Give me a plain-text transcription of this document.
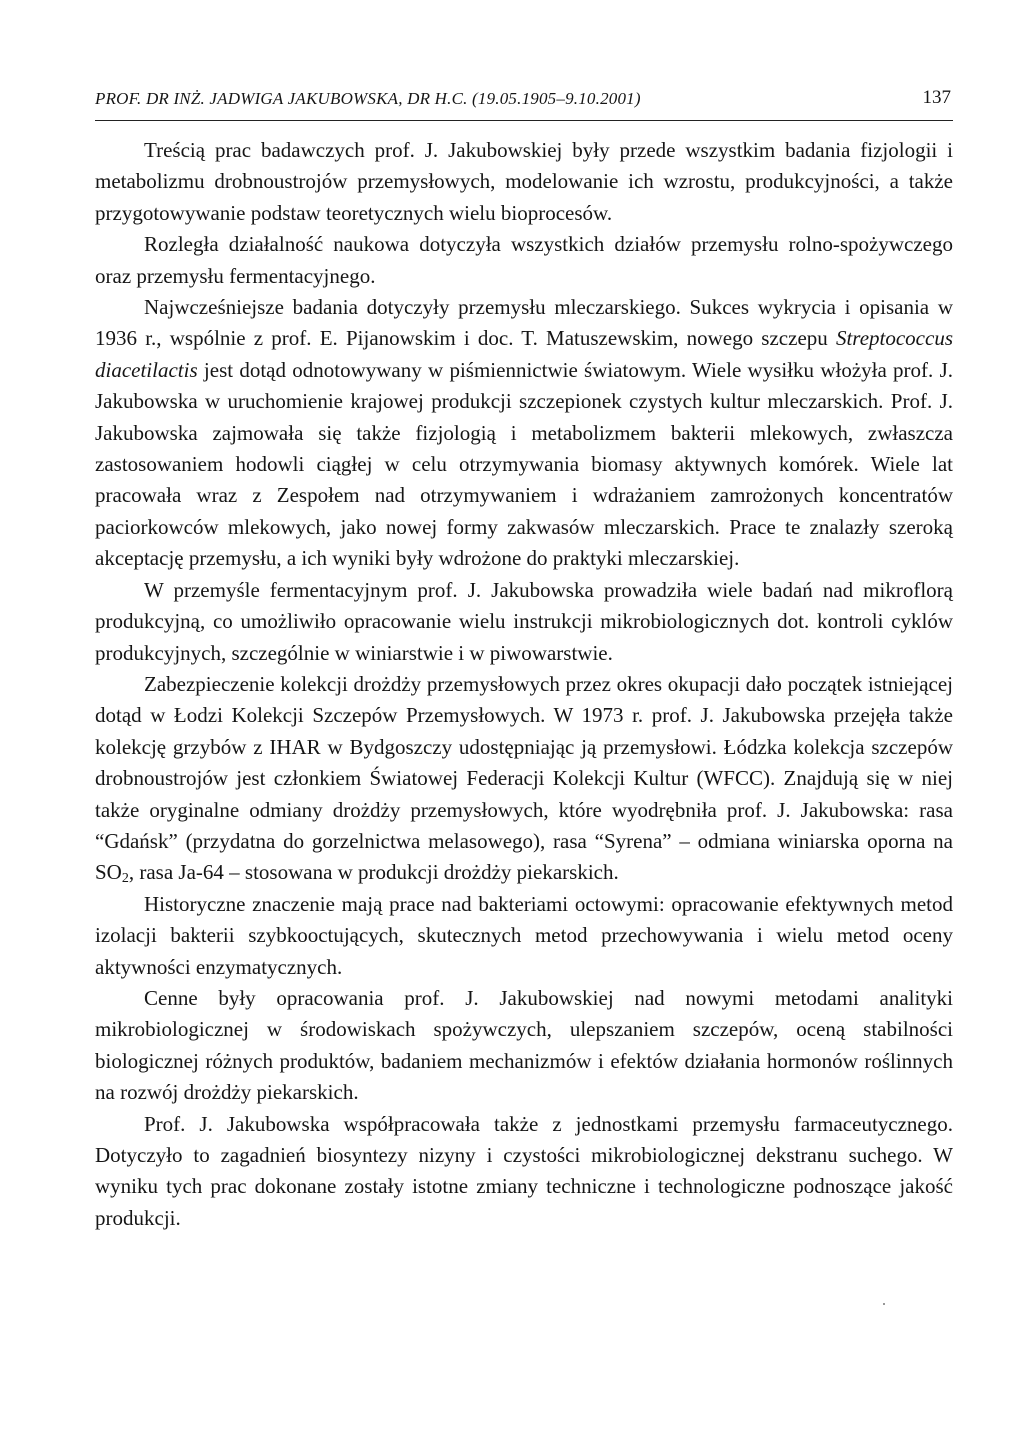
PROF. DR INŻ. JADWIGA JAKUBOWSKA, DR H.C. (19.05.1905–9.10.2001)	137

Treścią prac badawczych prof. J. Jakubowskiej były przede wszystkim badania fizjologii i metabolizmu drobnoustrojów przemysłowych, modelowanie ich wzrostu, produkcyjności, a także przygotowywanie podstaw teoretycznych wielu bioprocesów.

Rozległa działalność naukowa dotyczyła wszystkich działów przemysłu rolno-spożywczego oraz przemysłu fermentacyjnego.

Najwcześniejsze badania dotyczyły przemysłu mleczarskiego. Sukces wykrycia i opisania w 1936 r., wspólnie z prof. E. Pijanowskim i doc. T. Matuszewskim, nowego szczepu Streptococcus diacetilactis jest dotąd odnotowywany w piśmiennictwie światowym. Wiele wysiłku włożyła prof. J. Jakubowska w uruchomienie krajowej produkcji szczepionek czystych kultur mleczarskich. Prof. J. Jakubowska zajmowała się także fizjologią i metabolizmem bakterii mlekowych, zwłaszcza zastosowaniem hodowli ciągłej w celu otrzymywania biomasy aktywnych komórek. Wiele lat pracowała wraz z Zespołem nad otrzymywaniem i wdrażaniem zamrożonych koncentratów paciorkowców mlekowych, jako nowej formy zakwasów mleczarskich. Prace te znalazły szeroką akceptację przemysłu, a ich wyniki były wdrożone do praktyki mleczarskiej.

W przemyśle fermentacyjnym prof. J. Jakubowska prowadziła wiele badań nad mikroflorą produkcyjną, co umożliwiło opracowanie wielu instrukcji mikrobiologicznych dot. kontroli cyklów produkcyjnych, szczególnie w winiarstwie i w piwowarstwie.

Zabezpieczenie kolekcji drożdży przemysłowych przez okres okupacji dało początek istniejącej dotąd w Łodzi Kolekcji Szczepów Przemysłowych. W 1973 r. prof. J. Jakubowska przejęła także kolekcję grzybów z IHAR w Bydgoszczy udostępniając ją przemysłowi. Łódzka kolekcja szczepów drobnoustrojów jest członkiem Światowej Federacji Kolekcji Kultur (WFCC). Znajdują się w niej także oryginalne odmiany drożdży przemysłowych, które wyodrębniła prof. J. Jakubowska: rasa “Gdańsk” (przydatna do gorzelnictwa melasowego), rasa “Syrena” – odmiana winiarska oporna na $SO_2$, rasa Ja-64 – stosowana w produkcji drożdży piekarskich.

Historyczne znaczenie mają prace nad bakteriami octowymi: opracowanie efektywnych metod izolacji bakterii szybkooctujących, skutecznych metod przechowywania i wielu metod oceny aktywności enzymatycznych.

Cenne były opracowania prof. J. Jakubowskiej nad nowymi metodami analityki mikrobiologicznej w środowiskach spożywczych, ulepszaniem szczepów, oceną stabilności biologicznej różnych produktów, badaniem mechanizmów i efektów działania hormonów roślinnych na rozwój drożdży piekarskich.

Prof. J. Jakubowska współpracowała także z jednostkami przemysłu farmaceutycznego. Dotyczyło to zagadnień biosyntezy nizyny i czystości mikrobiologicznej dekstranu suchego. W wyniku tych prac dokonane zostały istotne zmiany techniczne i technologiczne podnoszące jakość produkcji.
